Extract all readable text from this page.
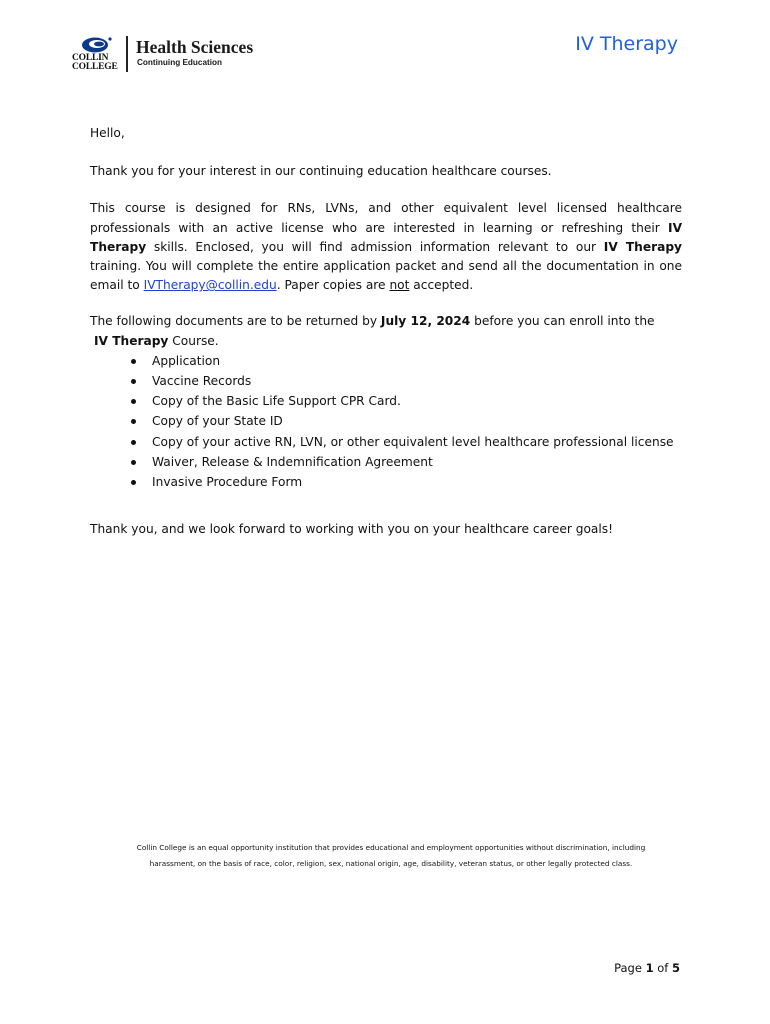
COLLIN COLLEGE
Health Sciences
Continuing Education
IV Therapy

Hello,

Thank you for your interest in our continuing education healthcare courses.

This course is designed for RNs, LVNs, and other equivalent level licensed healthcare professionals with an active license who are interested in learning or refreshing their IV Therapy skills. Enclosed, you will find admission information relevant to our IV Therapy training. You will complete the entire application packet and send all the documentation in one email to IVTherapy@collin.edu. Paper copies are not accepted.

The following documents are to be returned by July 12, 2024 before you can enroll into the

IV Therapy Course.

Application
Vaccine Records
Copy of the Basic Life Support CPR Card.
Copy of your State ID
Copy of your active RN, LVN, or other equivalent level healthcare professional license
Waiver, Release & Indemnification Agreement
Invasive Procedure Form

Thank you, and we look forward to working with you on your healthcare career goals!

Collin College is an equal opportunity institution that provides educational and employment opportunities without discrimination, including
harassment, on the basis of race, color, religion, sex, national origin, age, disability, veteran status, or other legally protected class.
Page 1 of 5
